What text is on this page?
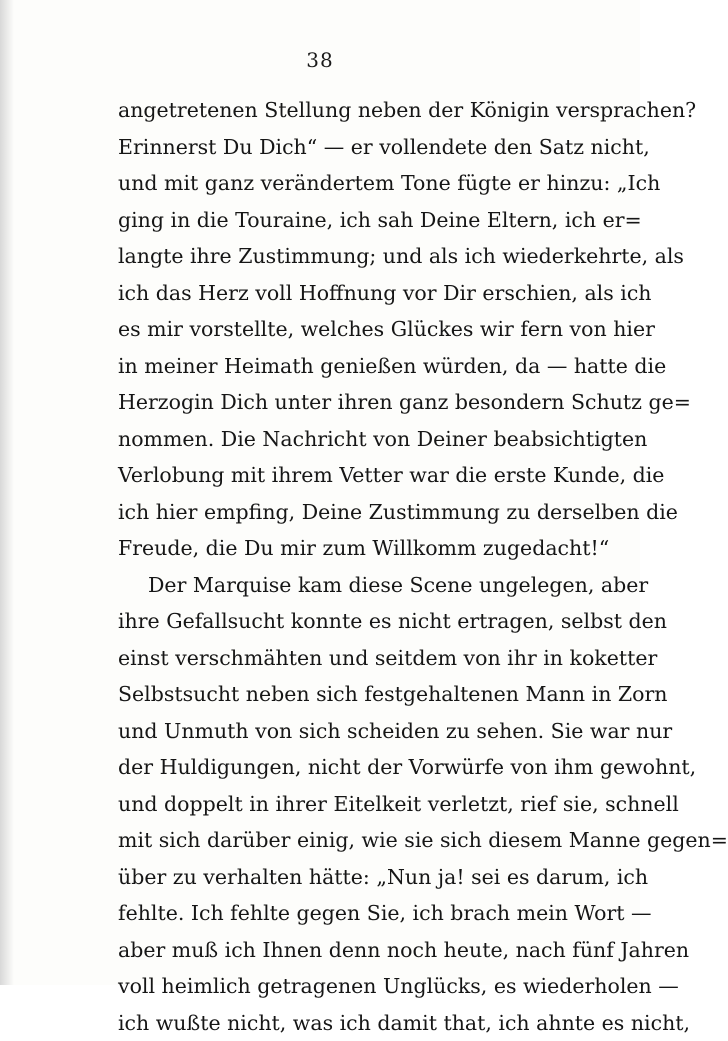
38
angetretenen Stellung neben der Königin versprachen?
Erinnerst Du Dich“ — er vollendete den Satz nicht,
und mit ganz verändertem Tone fügte er hinzu: „Ich
ging in die Touraine, ich sah Deine Eltern, ich er=
langte ihre Zustimmung; und als ich wiederkehrte, als
ich das Herz voll Hoffnung vor Dir erschien, als ich
es mir vorstellte, welches Glückes wir fern von hier
in meiner Heimath genießen würden, da — hatte die
Herzogin Dich unter ihren ganz besondern Schutz ge=
nommen. Die Nachricht von Deiner beabsichtigten
Verlobung mit ihrem Vetter war die erste Kunde, die
ich hier empfing, Deine Zustimmung zu derselben die
Freude, die Du mir zum Willkomm zugedacht!“
Der Marquise kam diese Scene ungelegen, aber
ihre Gefallsucht konnte es nicht ertragen, selbst den
einst verschmähten und seitdem von ihr in koketter
Selbstsucht neben sich festgehaltenen Mann in Zorn
und Unmuth von sich scheiden zu sehen. Sie war nur
der Huldigungen, nicht der Vorwürfe von ihm gewohnt,
und doppelt in ihrer Eitelkeit verletzt, rief sie, schnell
mit sich darüber einig, wie sie sich diesem Manne gegen=
über zu verhalten hätte: „Nun ja! sei es darum, ich
fehlte. Ich fehlte gegen Sie, ich brach mein Wort —
aber muß ich Ihnen denn noch heute, nach fünf Jahren
voll heimlich getragenen Unglücks, es wiederholen —
ich wußte nicht, was ich damit that, ich ahnte es nicht,
